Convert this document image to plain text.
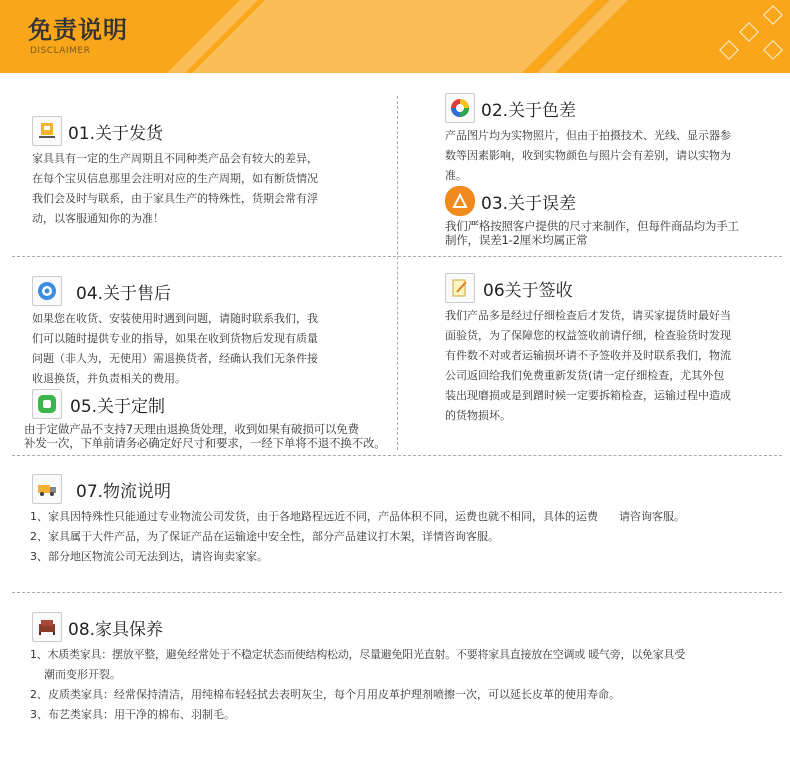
免责说明
DISCLAIMER
01.关于发货

家具具有一定的生产周期且不同种类产品会有较大的差异，

在每个宝贝信息那里会注明对应的生产周期，如有断货情况

我们会及时与联系，由于家具生产的特殊性，货期会常有浮

动，以客服通知你的为准！

02.关于色差

产品图片均为实物照片，但由于拍摄技术、光线、显示器参

数等因素影响，收到实物颜色与照片会有差别，请以实物为

准。

03.关于误差

我们严格按照客户提供的尺寸来制作，但每件商品均为手工

制作，误差1-2厘米均属正常

04.关于售后

如果您在收货、安装使用时遇到问题，请随时联系我们，我

们可以随时提供专业的指导，如果在收到货物后发现有质量

问题（非人为，无使用）需退换货者，经确认我们无条件接

收退换货，并负责相关的费用。

05.关于定制

由于定做产品不支持7天理由退换货处理，收到如果有破损可以免费

补发一次，下单前请务必确定好尺寸和要求，一经下单将不退不换不改。

06关于签收

我们产品多是经过仔细检查后才发货，请买家提货时最好当

面验货，为了保障您的权益签收前请仔细，检查验货时发现

有件数不对或者运输损坏请不予签收并及时联系我们，物流

公司返回给我们免费重新发货(请一定仔细检查，尤其外包

装出现磨损或是到蹭时候一定要拆箱检查，运输过程中造成

的货物损坏。

07.物流说明

1、家具因特殊性只能通过专业物流公司发货，由于各地路程远近不同，产品体积不同，运费也就不相同，具体的运费      请咨询客服。

2、家具属于大件产品，为了保证产品在运输途中安全性，部分产品建议打木架，详情咨询客服。

3、部分地区物流公司无法到达，请咨询卖家家。

08.家具保养

1、木质类家具：摆放平整，避免经常处于不稳定状态而使结构松动，尽量避免阳光直射。不要将家具直接放在空调或 暖气旁，以免家具受

潮而变形开裂。

2、皮质类家具：经常保持清洁，用纯棉布轻轻拭去表明灰尘，每个月用皮革护理剂喷擦一次，可以延长皮革的使用寿命。

3、布艺类家具：用干净的棉布、羽制毛。
